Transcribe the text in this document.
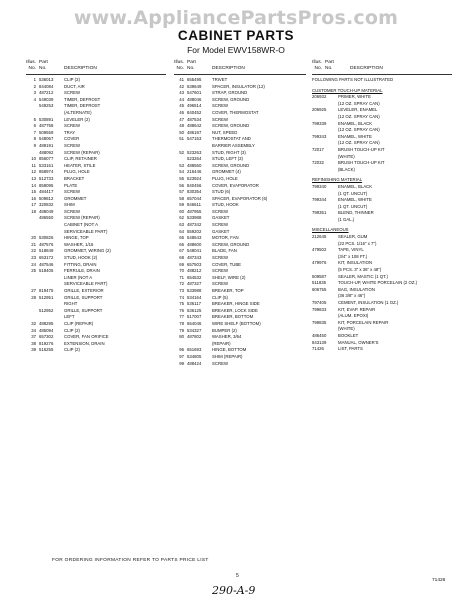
www.AppliancePartsPros.com
CABINET PARTS
For Model EWV158WR-O
Illus. Part
No. No.	DESCRIPTION
1 536013	CLIP (2)
2 844084	DUCT, AIR
3 487212	SCREW
4 549039	TIMER, DEFROST
549253	TIMER, DEFROST
(ALTERNATE)
5 530891	LEVELER (2)
6 487758	SCREW
7 509559	TRAY
8 548067	COVER
9 488191	SCREW
488092	SCREW (REPAIR)
10 856077	CLIP, RETAINER
11 533161	HEATER, STILE
12 858974	PLUG, HOLE
13 512733	BRACKET
14 858095	PLATE
15 484417	SCREW
16 509812	GROMMET
17 320832	SHIM
18 488049	SCREW
486550	SCREW (REPAIR)
CABINET (NOT A
SERVICEABLE PART)
20 530826	HINGE, TOP
21 487576	WASHER, 1/16
22 518849	GROMMET, WIRING (2)
23 653172	STUD, HOOK (2)
24 487546	FITTING, DRAIN
25 518405	FERRULE, DRAIN
LINER (NOT A
SERVICEABLE PART)
27 819475	GRILLE, EXTERIOR
28 512951	GRILLE, SUPPORT
RIGHT
512952	GRILLE, SUPPORT
LEFT
32 488295	CLIP (REPAIR)
34 485094	CLIP (2)
37 657302	COVER, FAN ORIFICE
38 819276	EXTENSION, DRAIN
39 516255	CLIP (2)
Illus. Part
No. No.	DESCRIPTION
41 655495	TRIVET
42 539649	SPACER, INSULATOR (12)
43 547601	STRAP, GROUND
44 488046	SCREW, GROUND
45 496514	SCREW
46 840452	COVER, THERMOSTAT
47 487534	SCREW
48 488642	SCREW, GROUND
50 486197	NUT, SPEED
51 547153	THERMOSTAT AND
BARRIER ASSEMBLY
52 523263	STUD, RIGHT (3)
523264	STUD, LEFT (3)
53 488560	SCREW, GROUND
54 216446	GROMMET (4)
55 523924	PLUG, HOLE
56 840456	COVER, EVAPORATOR
57 830354	STUD (6)
58 657044	SPACER, EVAPORATOR (6)
59 846611	STUD, HOOK
60 487955	SCREW
62 533988	GASKET
63 487342	SCREW
64 559202	GASKET
65 548643	MOTOR, FAN
66 488600	SCREW, GROUND
67 548041	BLADE, FAN
68 487343	SCREW
69 657503	COVER, TUBE
70 488212	SCREW
71 654532	SHELF, WIRE (2)
72 487327	SCREW
73 533988	BREAKER, TOP
74 534164	CLIP (5)
75 536117	BREAKER, HINGE SIDE
76 536125	BREAKER, LOCK SIDE
77 517007	BREAKER, BOTTOM
78 654046	WIRE SHELF (BOTTOM)
79 534327	BUMPER (2)
80 487802	WASHER, 3/64
(REPAIR)
96 651693	HINGE, BOTTOM
97 534805	SHIM (REPAIR)
99 488424	SCREW
Illus. Part
No. No.	DESCRIPTION
FOLLOWING PARTS NOT ILLUSTRATED
CUSTOMER TOUCH-UP MATERIAL
206932	PRIMER, WHITE
(12 OZ. SPRAY CAN)
206925	LEVELER, ENAMEL
(12 OZ. SPRAY CAN)
799339	ENAMEL, BLACK
(12 OZ. SPRAY CAN)
799343	ENAMEL, WHITE
(12 OZ. SPRAY CAN)
72017	BRUSH TOUCH-UP KIT
(WHITE)
72032	BRUSH TOUCH-UP KIT
(BLACK)
REFINISHING MATERIAL
799340	ENAMEL, BLACK
(1 QT. UNCUT)
799344	ENAMEL, WHITE
(1 QT. UNCUT)
799351	BLEND, THINNER
(1 GAL.)
MISCELLANEOUS
212645	SEALER, GUM
(22 PCS. 1/16" x 7")
479502	TAPE, VINYL
(3/4" x 108 FT.)
479976	KIT, INSULATION
(5 PCS. 3" x 36" x 48")
509587	SEALER, MASTIC (1 QT.)
511835	TOUCH-UP, WHITE PORCELAIN (2 OZ.)
606755	BAG, INSULATION
(36 3/8" x 46")
797405	CEMENT, INSULATION (1 OZ.)
799833	KIT, EVAP. REPAIR
(ALUM. EPOXI)
799835	KIT, PORCELAIN REPAIR
(WHITE)
486450	BOOKLET
843139	MANUAL, OWNER'S
71426	LIST, PARTS
FOR ORDERING INFORMATION REFER TO PARTS PRICE LIST
5
290-A-9
71426
